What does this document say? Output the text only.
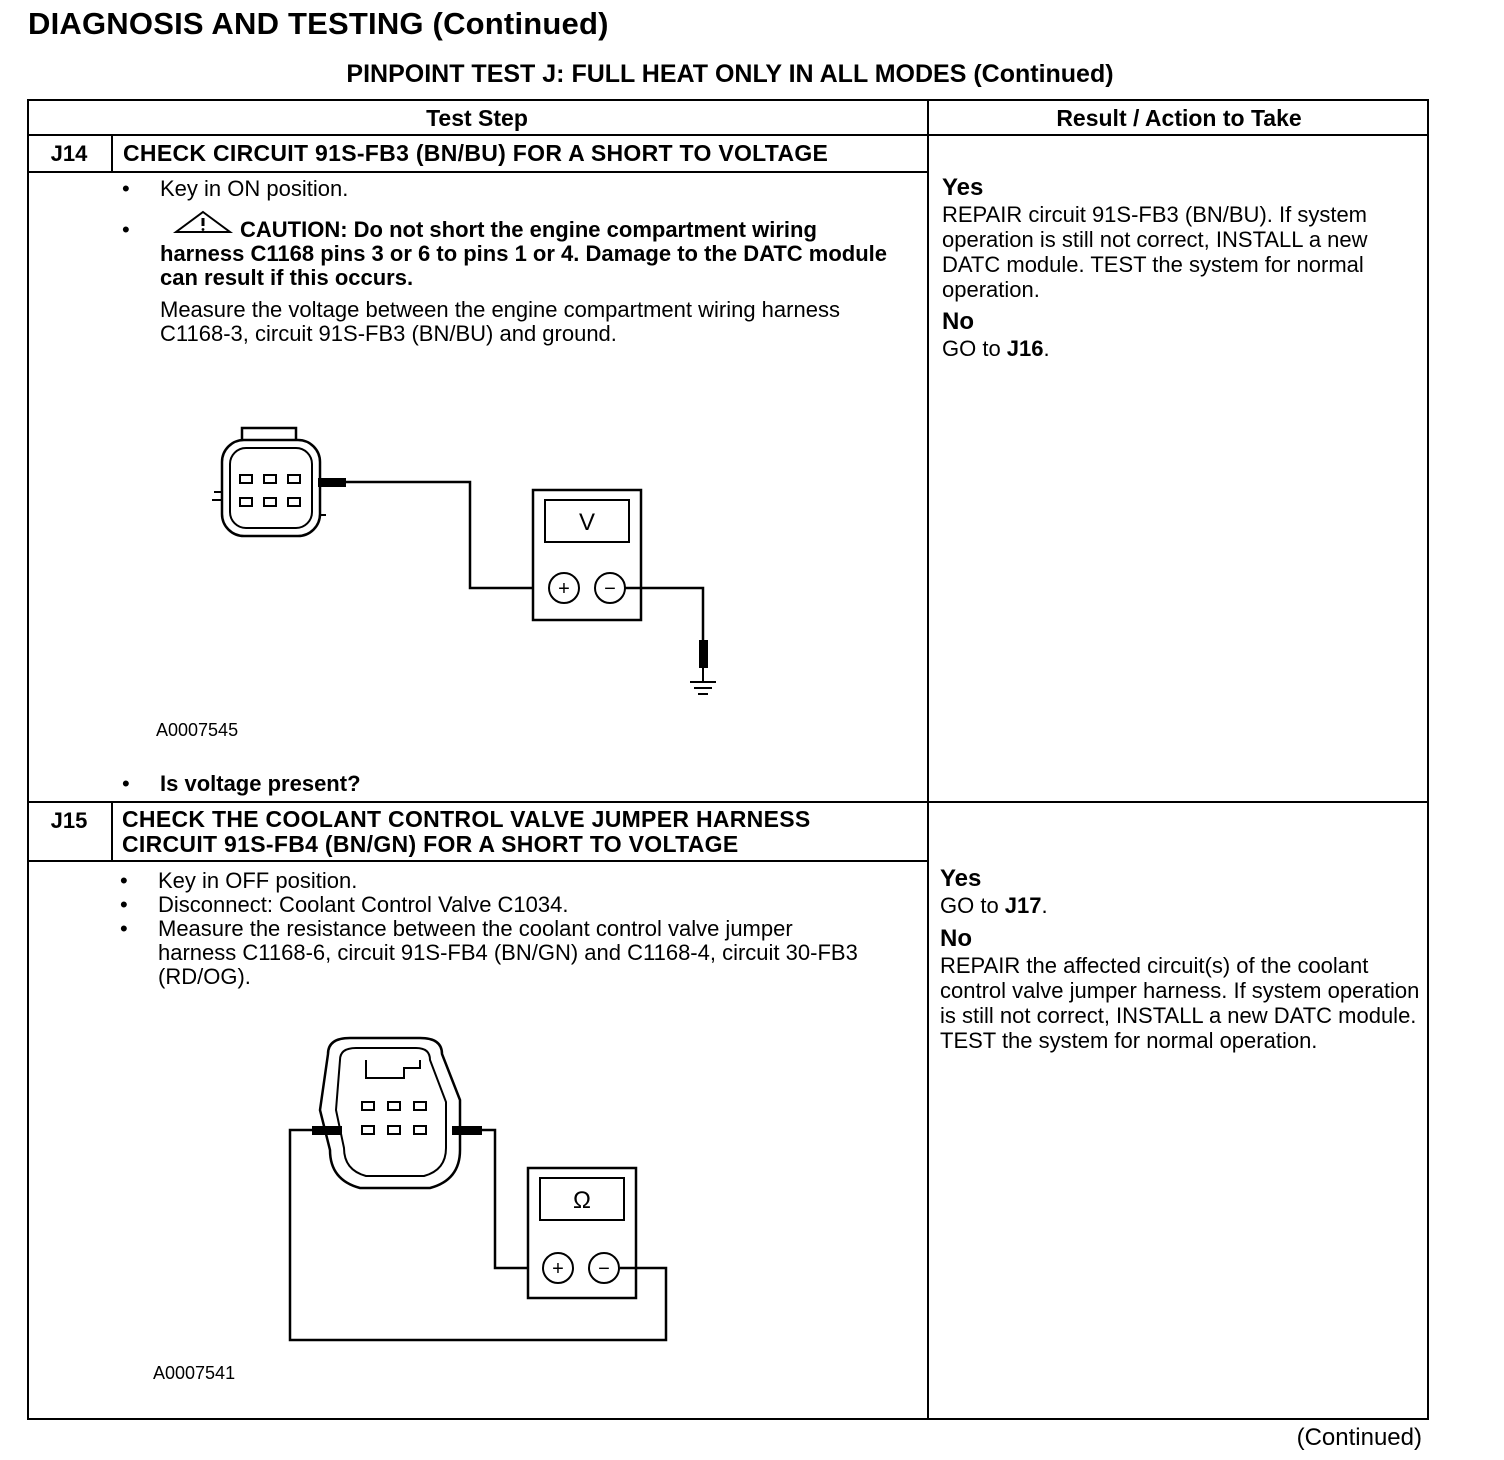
DIAGNOSIS AND TESTING (Continued)
PINPOINT TEST J: FULL HEAT ONLY IN ALL MODES (Continued)
Test Step	Result / Action to Take
J14	CHECK CIRCUIT 91S-FB3 (BN/BU) FOR A SHORT TO VOLTAGE
• Key in ON position.
•	CAUTION: Do not short the engine compartment wiring harness C1168 pins 3 or 6 to pins 1 or 4. Damage to the DATC module can result if this occurs.
Measure the voltage between the engine compartment wiring harness C1168-3, circuit 91S-FB3 (BN/BU) and ground.
V
+ −
A0007545
• Is voltage present?
Yes
REPAIR circuit 91S-FB3 (BN/BU). If system operation is still not correct, INSTALL a new DATC module. TEST the system for normal operation.
No
GO to J16.
J15	CHECK THE COOLANT CONTROL VALVE JUMPER HARNESS
CIRCUIT 91S-FB4 (BN/GN) FOR A SHORT TO VOLTAGE
• Key in OFF position.
• Disconnect: Coolant Control Valve C1034.
• Measure the resistance between the coolant control valve jumper harness C1168-6, circuit 91S-FB4 (BN/GN) and C1168-4, circuit 30-FB3 (RD/OG).
Ω
+ −
A0007541
Yes
GO to J17.
No
REPAIR the affected circuit(s) of the coolant control valve jumper harness. If system operation is still not correct, INSTALL a new DATC module. TEST the system for normal operation.
(Continued)
